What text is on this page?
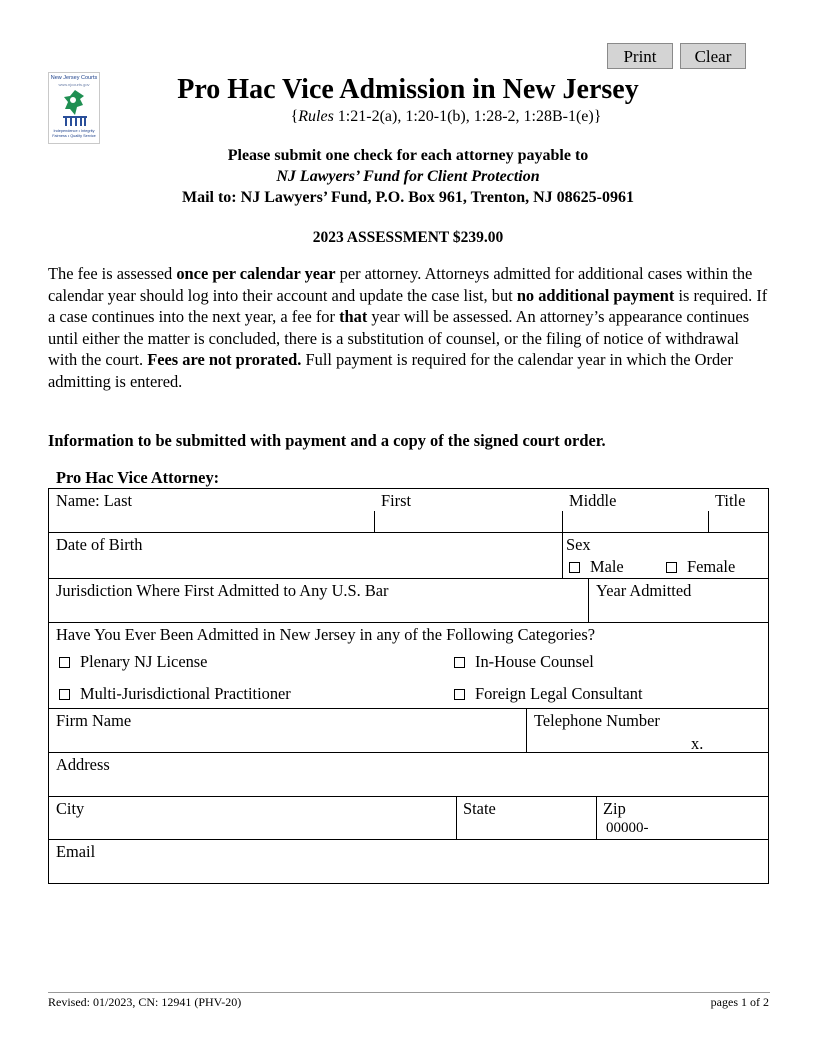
Print	Clear
New Jersey Courts
www.njcourts.gov
Independence • Integrity Fairness • Quality Service
Pro Hac Vice Admission in New Jersey
{Rules 1:21-2(a), 1:20-1(b), 1:28-2, 1:28B-1(e)}
Please submit one check for each attorney payable to
NJ Lawyers’ Fund for Client Protection
Mail to: NJ Lawyers’ Fund, P.O. Box 961, Trenton, NJ 08625-0961
2023 ASSESSMENT $239.00
The fee is assessed once per calendar year per attorney. Attorneys admitted for additional cases within the calendar year should log into their account and update the case list, but no additional payment is required. If a case continues into the next year, a fee for that year will be assessed. An attorney’s appearance continues until either the matter is concluded, there is a substitution of counsel, or the filing of notice of withdrawal with the court. Fees are not prorated. Full payment is required for the calendar year in which the Order admitting is entered.
Information to be submitted with payment and a copy of the signed court order.
Pro Hac Vice Attorney:
Name: Last	First	Middle	Title
Date of Birth	Sex
Male	Female
Jurisdiction Where First Admitted to Any U.S. Bar	Year Admitted
Have You Ever Been Admitted in New Jersey in any of the Following Categories?
Plenary NJ License	In-House Counsel
Multi-Jurisdictional Practitioner	Foreign Legal Consultant
Firm Name	Telephone Number
x.
Address
City	State	Zip
00000-
Email
Revised: 01/2023, CN: 12941 (PHV-20)	pages 1 of 2
